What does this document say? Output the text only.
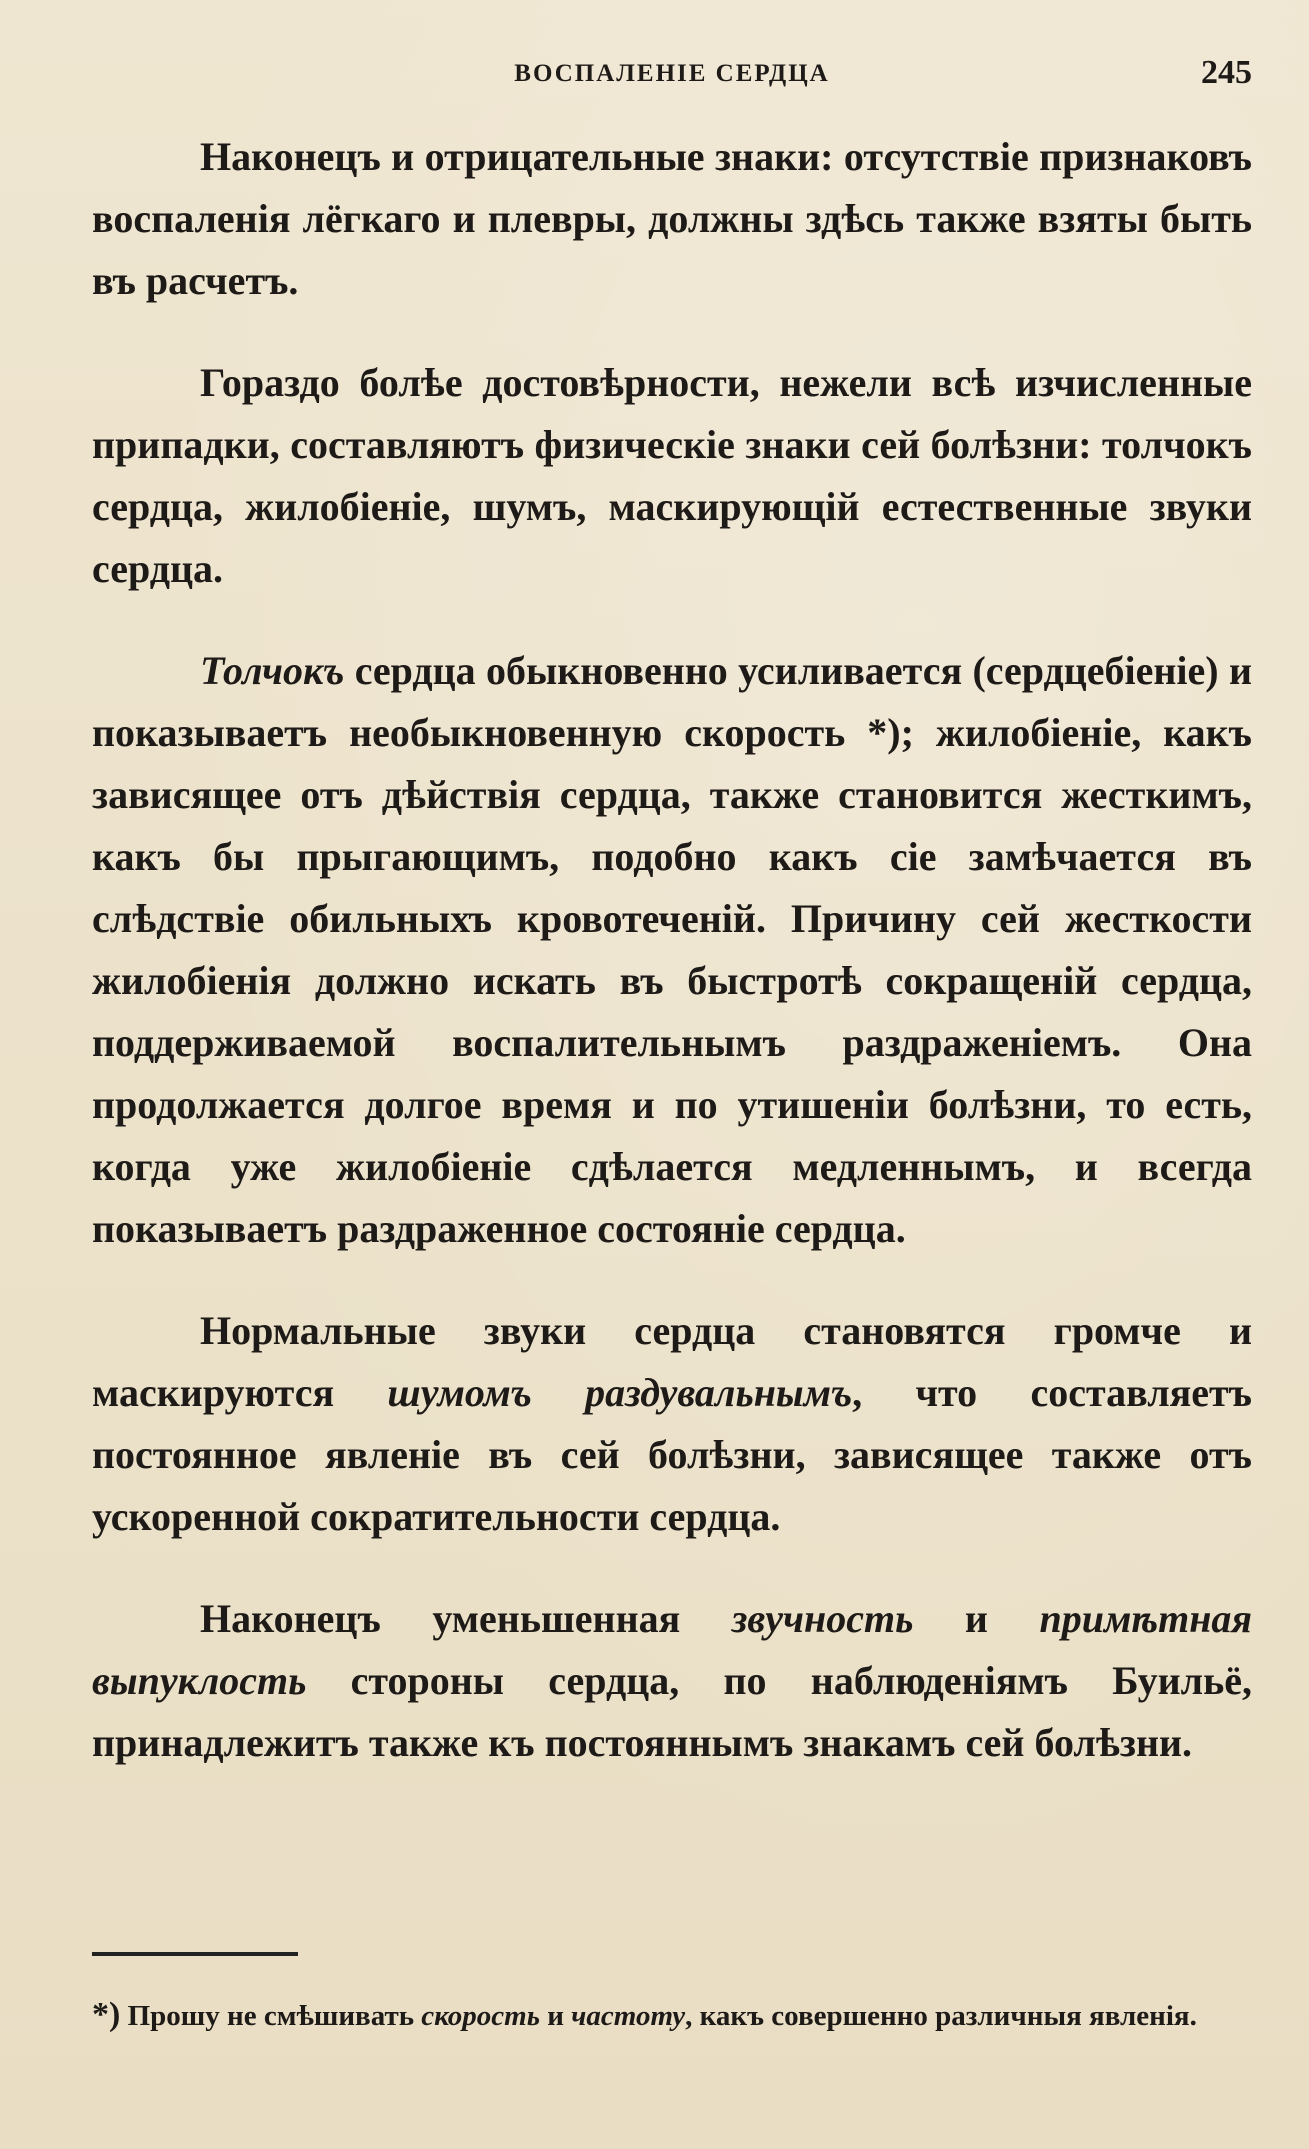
ВОСПАЛЕНІЕ СЕРДЦА	245

Наконецъ и отрицательные знаки: отсутствіе признаковъ воспаленія лёгкаго и плевры, должны здѣсь также взяты быть въ расчетъ.

Гораздо болѣе достовѣрности, нежели всѣ изчисленные припадки, составляютъ физическіе знаки сей болѣзни: толчокъ сердца, жилобіеніе, шумъ, маскирующій естественные звуки сердца.

Толчокъ сердца обыкновенно усиливается (сердцебіеніе) и показываетъ необыкновенную скорость *); жилобіеніе, какъ зависящее отъ дѣйствія сердца, также становится жесткимъ, какъ бы прыгающимъ, подобно какъ сіе замѣчается въ слѣдствіе обильныхъ кровотеченій. Причину сей жесткости жилобіенія должно искать въ быстротѣ сокращеній сердца, поддерживаемой воспалительнымъ раздраженіемъ. Она продолжается долгое время и по утишеніи болѣзни, то есть, когда уже жилобіеніе сдѣлается медленнымъ, и всегда показываетъ раздраженное состояніе сердца.

Нормальные звуки сердца становятся громче и маскируются шумомъ раздувальнымъ, что составляетъ постоянное явленіе въ сей болѣзни, зависящее также отъ ускоренной сократительности сердца.

Наконецъ уменьшенная звучность и примѣтная выпуклость стороны сердца, по наблюденіямъ Буильё, принадлежитъ также къ постояннымъ знакамъ сей болѣзни.

*) Прошу не смѣшивать скорость и частоту, какъ совершенно различныя явленія.
